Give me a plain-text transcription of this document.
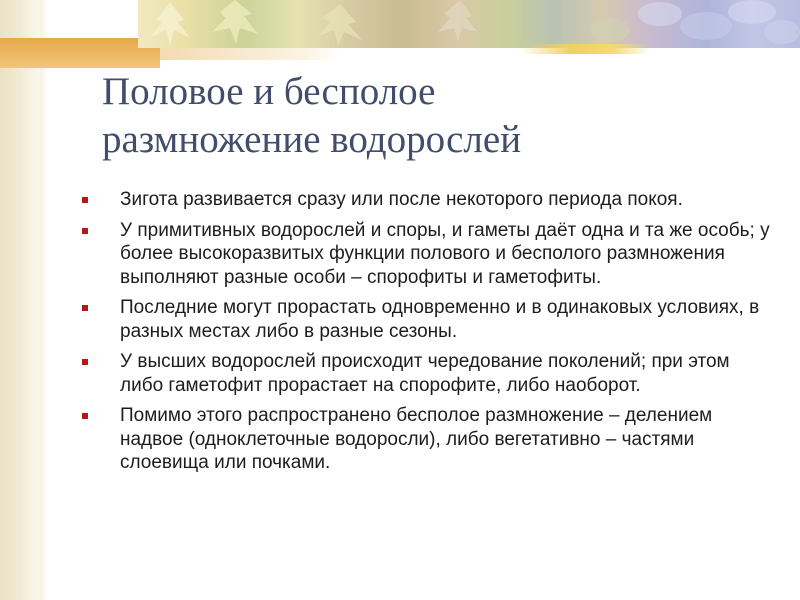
Половое и бесполое
размножение водорослей
Зигота развивается сразу или после некоторого периода покоя.
У примитивных водорослей и споры, и гаметы даёт одна и та же особь; у более высокоразвитых функции полового и бесполого размножения выполняют разные особи – спорофиты и гаметофиты.
Последние могут прорастать одновременно и в одинаковых условиях, в разных местах либо в разные сезоны.
У высших водорослей происходит чередование поколений; при этом либо гаметофит прорастает на спорофите, либо наоборот.
Помимо этого распространено бесполое размножение – делением надвое (одноклеточные водоросли), либо вегетативно – частями слоевища или почками.
